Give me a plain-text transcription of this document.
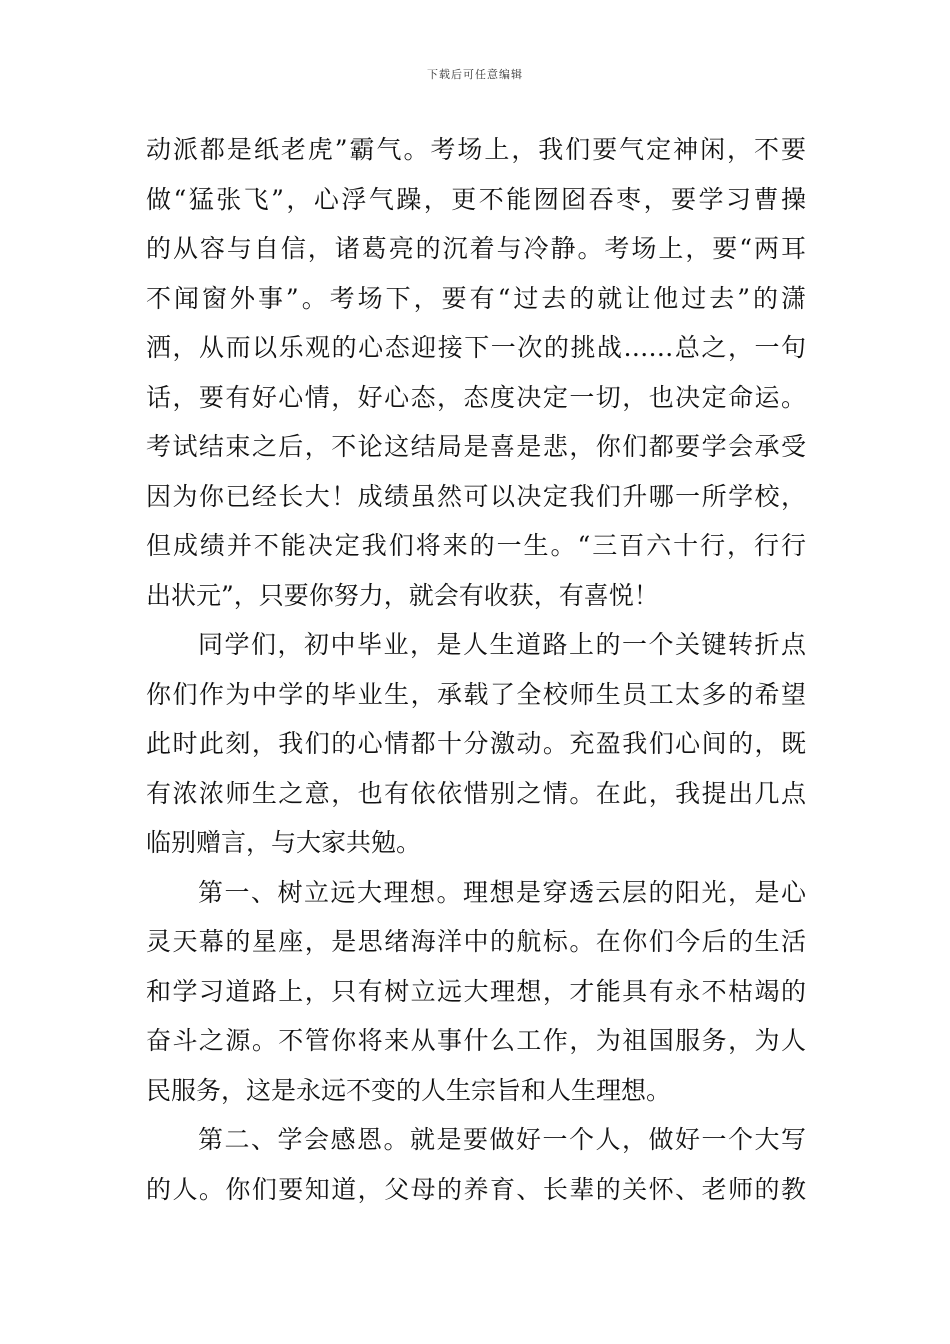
下载后可任意编辑
动派都是纸老虎”霸气。考场上，我们要气定神闲，不要
做“猛张飞”，心浮气躁，更不能囫囵吞枣，要学习曹操
的从容与自信，诸葛亮的沉着与冷静。考场上，要“两耳
不闻窗外事”。考场下，要有“过去的就让他过去”的潇
洒，从而以乐观的心态迎接下一次的挑战……总之，一句
话，要有好心情，好心态，态度决定一切，也决定命运。
考试结束之后，不论这结局是喜是悲，你们都要学会承受
因为你已经长大！成绩虽然可以决定我们升哪一所学校，
但成绩并不能决定我们将来的一生。“三百六十行，行行
出状元”，只要你努力，就会有收获，有喜悦！
同学们，初中毕业，是人生道路上的一个关键转折点
你们作为中学的毕业生，承载了全校师生员工太多的希望
此时此刻，我们的心情都十分激动。充盈我们心间的，既
有浓浓师生之意，也有依依惜别之情。在此，我提出几点
临别赠言，与大家共勉。
第一、树立远大理想。理想是穿透云层的阳光，是心
灵天幕的星座，是思绪海洋中的航标。在你们今后的生活
和学习道路上，只有树立远大理想，才能具有永不枯竭的
奋斗之源。不管你将来从事什么工作，为祖国服务，为人
民服务，这是永远不变的人生宗旨和人生理想。
第二、学会感恩。就是要做好一个人，做好一个大写
的人。你们要知道，父母的养育、长辈的关怀、老师的教
